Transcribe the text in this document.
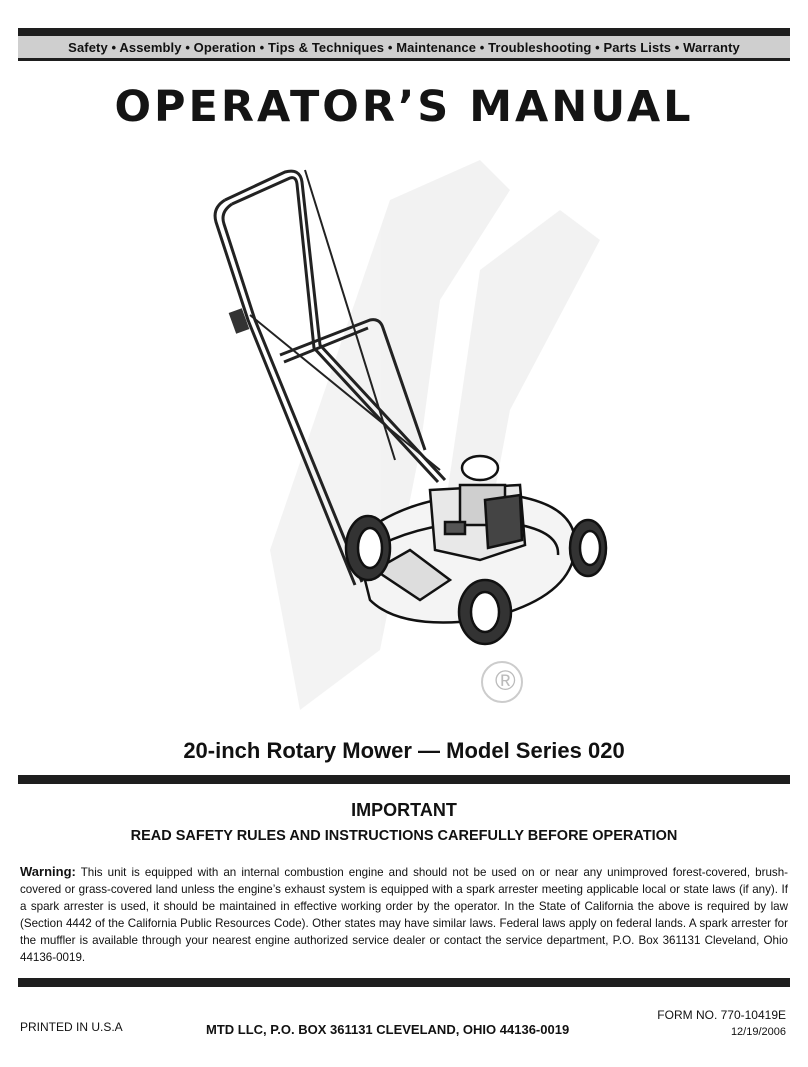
Safety • Assembly • Operation • Tips & Techniques • Maintenance • Troubleshooting • Parts Lists • Warranty
OPERATOR’S MANUAL
®
20-inch Rotary Mower — Model Series 020
IMPORTANT
READ SAFETY RULES AND INSTRUCTIONS CAREFULLY BEFORE OPERATION
Warning: This unit is equipped with an internal combustion engine and should not be used on or near any unimproved forest-covered, brush-covered or grass-covered land unless the engine’s exhaust system is equipped with a spark arrester meeting applicable local or state laws (if any). If a spark arrester is used, it should be maintained in effective working order by the operator. In the State of California the above is required by law (Section 4442 of the California Public Resources Code). Other states may have similar laws. Federal laws apply on federal lands. A spark arrester for the muffler is available through your nearest engine authorized service dealer or contact the service department, P.O. Box 361131 Cleveland, Ohio 44136-0019.
PRINTED IN U.S.A	MTD LLC, P.O. BOX 361131 CLEVELAND, OHIO 44136-0019
FORM NO. 770-10419E
12/19/2006
